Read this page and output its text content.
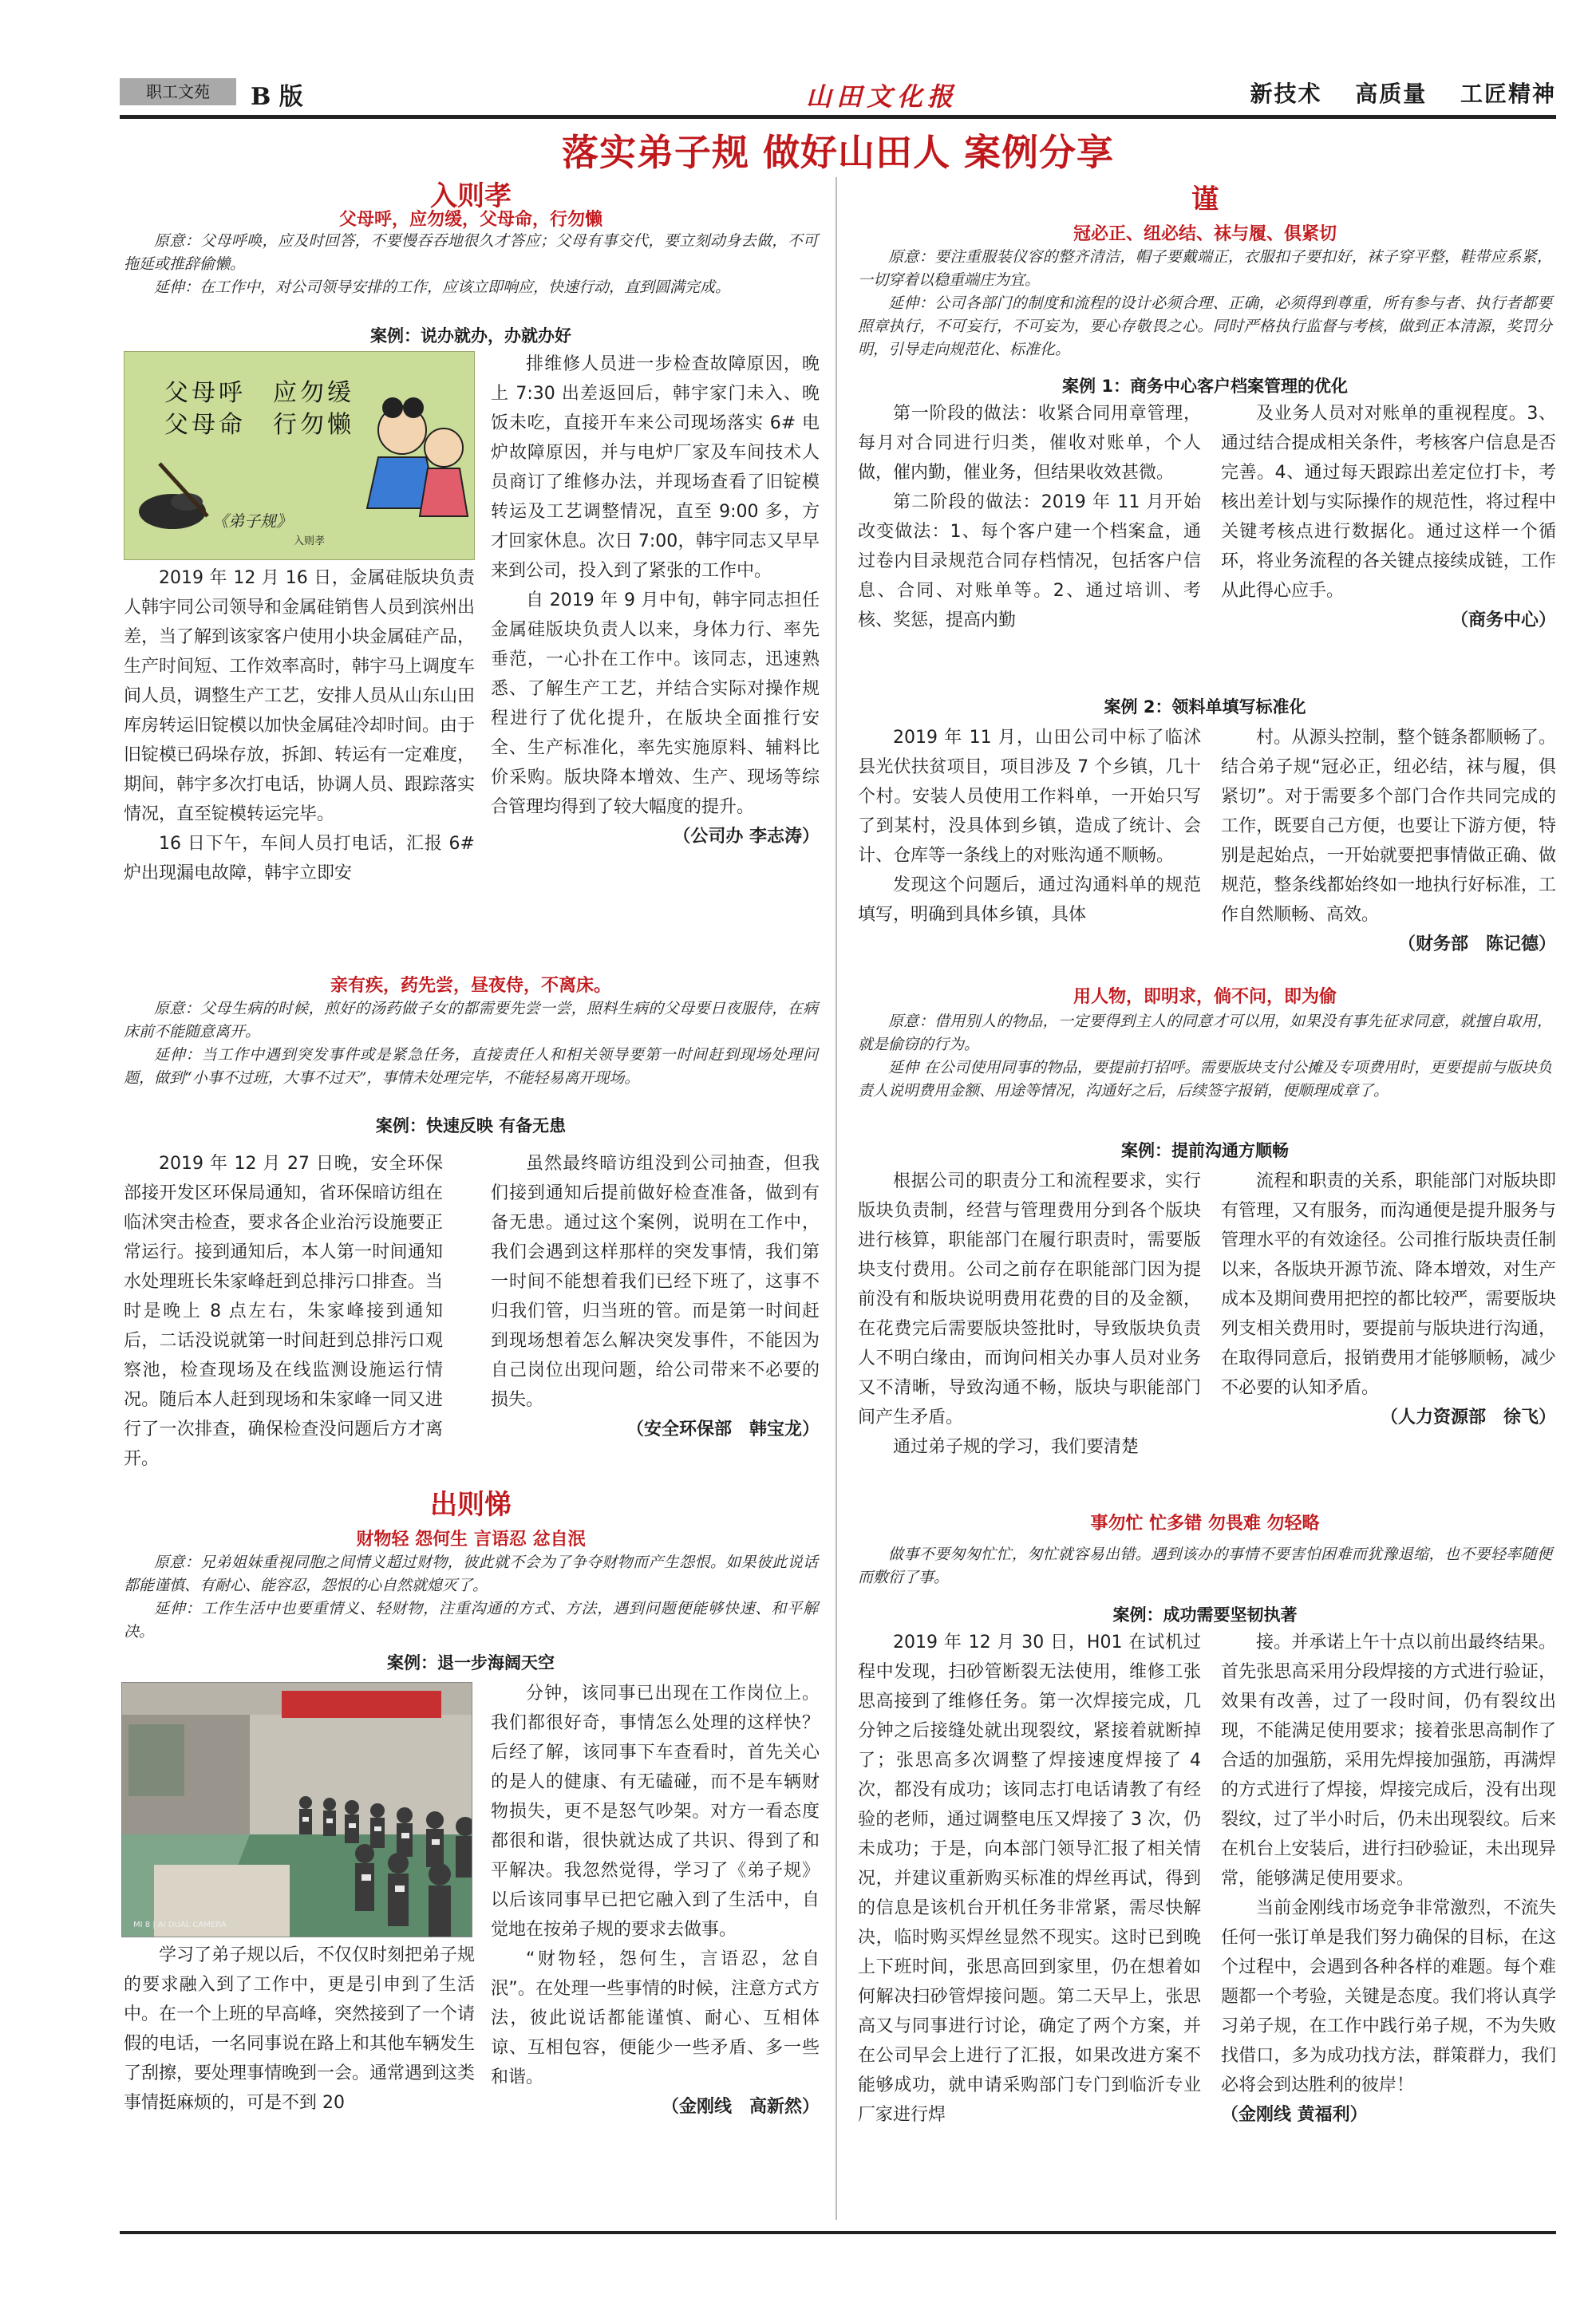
职工文苑	B 版	山田文化报	新技术 高质量 工匠精神
落实弟子规 做好山田人 案例分享
入则孝
父母呼，应勿缓，父母命，行勿懒

原意：父母呼唤，应及时回答，不要慢吞吞地很久才答应；父母有事交代，要立刻动身去做，不可拖延或推辞偷懒。

延伸：在工作中，对公司领导安排的工作，应该立即响应，快速行动，直到圆满完成。

案例：说办就办，办就办好
父母呼　应勿缓
父母命　行勿懒
《弟子规》
入则孝

2019 年 12 月 16 日，金属硅版块负责人韩宇同公司领导和金属硅销售人员到滨州出差，当了解到该家客户使用小块金属硅产品，生产时间短、工作效率高时，韩宇马上调度车间人员，调整生产工艺，安排人员从山东山田库房转运旧锭模以加快金属硅冷却时间。由于旧锭模已码垛存放，拆卸、转运有一定难度，期间，韩宇多次打电话，协调人员、跟踪落实情况，直至锭模转运完毕。

16 日下午，车间人员打电话，汇报 6# 炉出现漏电故障，韩宇立即安

排维修人员进一步检查故障原因，晚上 7:30 出差返回后，韩宇家门未入、晚饭未吃，直接开车来公司现场落实 6# 电炉故障原因，并与电炉厂家及车间技术人员商订了维修办法，并现场查看了旧锭模转运及工艺调整情况，直至 9:00 多，方才回家休息。次日 7:00，韩宇同志又早早来到公司，投入到了紧张的工作中。

自 2019 年 9 月中旬，韩宇同志担任金属硅版块负责人以来，身体力行、率先垂范，一心扑在工作中。该同志，迅速熟悉、了解生产工艺，并结合实际对操作规程进行了优化提升，在版块全面推行安全、生产标准化，率先实施原料、辅料比价采购。版块降本增效、生产、现场等综合管理均得到了较大幅度的提升。

（公司办 李志涛）

亲有疾，药先尝，昼夜侍，不离床。

原意：父母生病的时候，煎好的汤药做子女的都需要先尝一尝，照料生病的父母要日夜服侍，在病床前不能随意离开。

延伸：当工作中遇到突发事件或是紧急任务，直接责任人和相关领导要第一时间赶到现场处理问题，做到“小事不过班，大事不过天”，事情未处理完毕，不能轻易离开现场。

案例：快速反映 有备无患

2019 年 12 月 27 日晚，安全环保部接开发区环保局通知，省环保暗访组在临沭突击检查，要求各企业治污设施要正常运行。接到通知后，本人第一时间通知水处理班长朱家峰赶到总排污口排查。当时是晚上 8 点左右，朱家峰接到通知后，二话没说就第一时间赶到总排污口观察池，检查现场及在线监测设施运行情况。随后本人赶到现场和朱家峰一同又进行了一次排查，确保检查没问题后方才离开。

虽然最终暗访组没到公司抽查，但我们接到通知后提前做好检查准备，做到有备无患。通过这个案例，说明在工作中，我们会遇到这样那样的突发事情，我们第一时间不能想着我们已经下班了，这事不归我们管，归当班的管。而是第一时间赶到现场想着怎么解决突发事件，不能因为自己岗位出现问题，给公司带来不必要的损失。

（安全环保部　韩宝龙）

出则悌
财物轻 怨何生 言语忍 忿自泯

原意：兄弟姐妹重视同胞之间情义超过财物，彼此就不会为了争夺财物而产生怨恨。如果彼此说话都能谨慎、有耐心、能容忍，怨恨的心自然就熄灭了。

延伸：工作生活中也要重情义、轻财物，注重沟通的方式、方法，遇到问题便能够快速、和平解决。

案例：退一步海阔天空
MI 8 | AI DUAL CAMERA

学习了弟子规以后，不仅仅时刻把弟子规的要求融入到了工作中，更是引申到了生活中。在一个上班的早高峰，突然接到了一个请假的电话，一名同事说在路上和其他车辆发生了刮擦，要处理事情晚到一会。通常遇到这类事情挺麻烦的，可是不到 20

分钟，该同事已出现在工作岗位上。我们都很好奇，事情怎么处理的这样快？后经了解，该同事下车查看时，首先关心的是人的健康、有无磕碰，而不是车辆财物损失，更不是怒气吵架。对方一看态度都很和谐，很快就达成了共识、得到了和平解决。我忽然觉得，学习了《弟子规》以后该同事早已把它融入到了生活中，自觉地在按弟子规的要求去做事。

“财物轻，怨何生，言语忍，忿自泯”。在处理一些事情的时候，注意方式方法，彼此说话都能谨慎、耐心、互相体谅、互相包容，便能少一些矛盾、多一些和谐。

（金刚线　高新然）

谨
冠必正、纽必结、袜与履、俱紧切

原意：要注重服装仪容的整齐清洁，帽子要戴端正，衣服扣子要扣好，袜子穿平整，鞋带应系紧，一切穿着以稳重端庄为宜。

延伸：公司各部门的制度和流程的设计必须合理、正确，必须得到尊重，所有参与者、执行者都要照章执行，不可妄行，不可妄为，要心存敬畏之心。同时严格执行监督与考核，做到正本清源，奖罚分明，引导走向规范化、标准化。

案例 1：商务中心客户档案管理的优化

第一阶段的做法：收紧合同用章管理，每月对合同进行归类，催收对账单，个人做，催内勤，催业务，但结果收效甚微。

第二阶段的做法：2019 年 11 月开始改变做法：1、每个客户建一个档案盒，通过卷内目录规范合同存档情况，包括客户信息、合同、对账单等。2、通过培训、考核、奖惩，提高内勤

及业务人员对对账单的重视程度。3、通过结合提成相关条件，考核客户信息是否完善。4、通过每天跟踪出差定位打卡，考核出差计划与实际操作的规范性，将过程中关键考核点进行数据化。通过这样一个循环，将业务流程的各关键点接续成链，工作从此得心应手。

（商务中心）

案例 2：领料单填写标准化

2019 年 11 月，山田公司中标了临沭县光伏扶贫项目，项目涉及 7 个乡镇，几十个村。安装人员使用工作料单，一开始只写了到某村，没具体到乡镇，造成了统计、会计、仓库等一条线上的对账沟通不顺畅。

发现这个问题后，通过沟通料单的规范填写，明确到具体乡镇，具体

村。从源头控制，整个链条都顺畅了。结合弟子规“冠必正，纽必结，袜与履，俱紧切”。对于需要多个部门合作共同完成的工作，既要自己方便，也要让下游方便，特别是起始点，一开始就要把事情做正确、做规范，整条线都始终如一地执行好标准，工作自然顺畅、高效。

（财务部　陈记德）

用人物，即明求，倘不问，即为偷

原意：借用别人的物品，一定要得到主人的同意才可以用，如果没有事先征求同意，就擅自取用，就是偷窃的行为。

延伸 在公司使用同事的物品，要提前打招呼。需要版块支付公摊及专项费用时，更要提前与版块负责人说明费用金额、用途等情况，沟通好之后，后续签字报销，便顺理成章了。

案例：提前沟通方顺畅

根据公司的职责分工和流程要求，实行版块负责制，经营与管理费用分到各个版块进行核算，职能部门在履行职责时，需要版块支付费用。公司之前存在职能部门因为提前没有和版块说明费用花费的目的及金额，在花费完后需要版块签批时，导致版块负责人不明白缘由，而询问相关办事人员对业务又不清晰，导致沟通不畅，版块与职能部门间产生矛盾。

通过弟子规的学习，我们要清楚

流程和职责的关系，职能部门对版块即有管理，又有服务，而沟通便是提升服务与管理水平的有效途径。公司推行版块责任制以来，各版块开源节流、降本增效，对生产成本及期间费用把控的都比较严，需要版块列支相关费用时，要提前与版块进行沟通，在取得同意后，报销费用才能够顺畅，减少不必要的认知矛盾。

（人力资源部　徐飞）

事勿忙 忙多错 勿畏难 勿轻略

做事不要匆匆忙忙，匆忙就容易出错。遇到该办的事情不要害怕困难而犹豫退缩，也不要轻率随便而敷衍了事。

案例：成功需要坚韧执著

2019 年 12 月 30 日，H01 在试机过程中发现，扫砂管断裂无法使用，维修工张思高接到了维修任务。第一次焊接完成，几分钟之后接缝处就出现裂纹，紧接着就断掉了；张思高多次调整了焊接速度焊接了 4 次，都没有成功；该同志打电话请教了有经验的老师，通过调整电压又焊接了 3 次，仍未成功；于是，向本部门领导汇报了相关情况，并建议重新购买标准的焊丝再试，得到的信息是该机台开机任务非常紧，需尽快解决，临时购买焊丝显然不现实。这时已到晚上下班时间，张思高回到家里，仍在想着如何解决扫砂管焊接问题。第二天早上，张思高又与同事进行讨论，确定了两个方案，并在公司早会上进行了汇报，如果改进方案不能够成功，就申请采购部门专门到临沂专业厂家进行焊

接。并承诺上午十点以前出最终结果。首先张思高采用分段焊接的方式进行验证，效果有改善，过了一段时间，仍有裂纹出现，不能满足使用要求；接着张思高制作了合适的加强筋，采用先焊接加强筋，再满焊的方式进行了焊接，焊接完成后，没有出现裂纹，过了半小时后，仍未出现裂纹。后来在机台上安装后，进行扫砂验证，未出现异常，能够满足使用要求。

当前金刚线市场竞争非常激烈，不流失任何一张订单是我们努力确保的目标，在这个过程中，会遇到各种各样的难题。每个难题都一个考验，关键是态度。我们将认真学习弟子规，在工作中践行弟子规，不为失败找借口，多为成功找方法，群策群力，我们必将会到达胜利的彼岸！

（金刚线 黄福利）
